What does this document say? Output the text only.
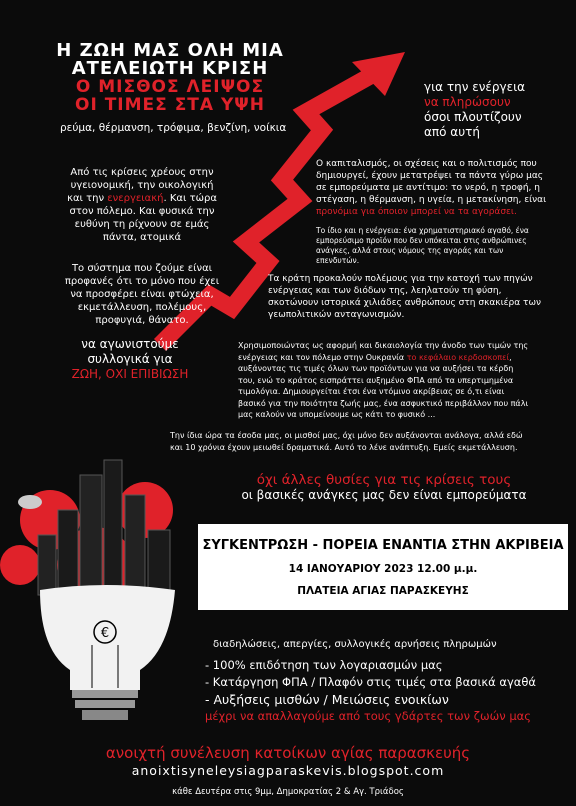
Η ΖΩΗ ΜΑΣ ΟΛΗ ΜΙΑ
ΑΤΕΛΕΙΩΤΗ ΚΡΙΣΗ
Ο ΜΙΣΘΟΣ ΛΕΙΨΟΣ
ΟΙ ΤΙΜΕΣ ΣΤΑ ΥΨΗ
ρεύμα, θέρμανση, τρόφιμα, βενζίνη, νοίκια
για την ενέργεια
να πληρώσουν
όσοι πλουτίζουν
από αυτή
Από τις κρίσεις χρέους στην
υγειονομική, την οικολογική
και την ενεργειακή. Και τώρα
στον πόλεμο. Και φυσικά την
ευθύνη τη ρίχνουν σε εμάς
πάντα, ατομικά
Το σύστημα που ζούμε είναι
προφανές ότι το μόνο που έχει
να προσφέρει είναι φτώχεια,
εκμετάλλευση, πολέμους,
προφυγιά, θάνατο.
να αγωνιστούμε
συλλογικά για
ΖΩΗ, ΟΧΙ ΕΠΙΒΙΩΣΗ
Ο καπιταλισμός, οι σχέσεις και ο πολιτισμός που
δημιουργεί, έχουν μετατρέψει τα πάντα γύρω μας
σε εμπορεύματα με αντίτιμο: το νερό, η τροφή, η
στέγαση, η θέρμανση, η υγεία, η μετακίνηση, είναι
προνόμια για όποιον μπορεί να τα αγοράσει.
Το ίδιο και η ενέργεια: ένα χρηματιστηριακό αγαθό, ένα
εμπορεύσιμο προϊόν που δεν υπόκειται στις ανθρώπινες
ανάγκες, αλλά στους νόμους της αγοράς και των
επενδυτών.
Τα κράτη προκαλούν πολέμους για την κατοχή των πηγών
ενέργειας και των διόδων της, λεηλατούν τη φύση,
σκοτώνουν ιστορικά χιλιάδες ανθρώπους στη σκακιέρα των
γεωπολιτικών ανταγωνισμών.
Χρησιμοποιώντας ως αφορμή και δικαιολογία την άνοδο των τιμών της
ενέργειας και τον πόλεμο στην Ουκρανία το κεφάλαιο κερδοσκοπεί,
αυξάνοντας τις τιμές όλων των προϊόντων για να αυξήσει τα κέρδη
του, ενώ το κράτος εισπράττει αυξημένο ΦΠΑ από τα υπερτιμημένα
τιμολόγια. Δημιουργείται έτσι ένα ντόμινο ακρίβειας σε ό,τι είναι
βασικό για την ποιότητα ζωής μας, ένα ασφυκτικό περιβάλλον που πάλι
μας καλούν να υπομείνουμε ως κάτι το φυσικό ...
Την ίδια ώρα τα έσοδα μας, οι μισθοί μας, όχι μόνο δεν αυξάνονται ανάλογα, αλλά εδώ
και 10 χρόνια έχουν μειωθεί δραματικά. Αυτό το λένε ανάπτυξη. Εμείς εκμετάλλευση.
όχι άλλες θυσίες για τις κρίσεις τους
οι βασικές ανάγκες μας δεν είναι εμπορεύματα
€
ΣΥΓΚΕΝΤΡΩΣΗ - ΠΟΡΕΙΑ ΕΝΑΝΤΙΑ ΣΤΗΝ ΑΚΡΙΒΕΙΑ
14 ΙΑΝΟΥΑΡΙΟΥ 2023 12.00 μ.μ.
ΠΛΑΤΕΙΑ ΑΓΙΑΣ ΠΑΡΑΣΚΕΥΗΣ
διαδηλώσεις, απεργίες, συλλογικές αρνήσεις πληρωμών
- 100% επιδότηση των λογαριασμών μας
- Κατάργηση ΦΠΑ / Πλαφόν στις τιμές στα βασικά αγαθά
- Αυξήσεις μισθών / Μειώσεις ενοικίων
μέχρι να απαλλαγούμε από τους γδάρτες των ζωών μας
ανοιχτή συνέλευση κατοίκων αγίας παρασκευής
anoixtisyneleysiagparaskevis.blogspot.com
κάθε Δευτέρα στις 9μμ, Δημοκρατίας 2 & Αγ. Τριάδος
